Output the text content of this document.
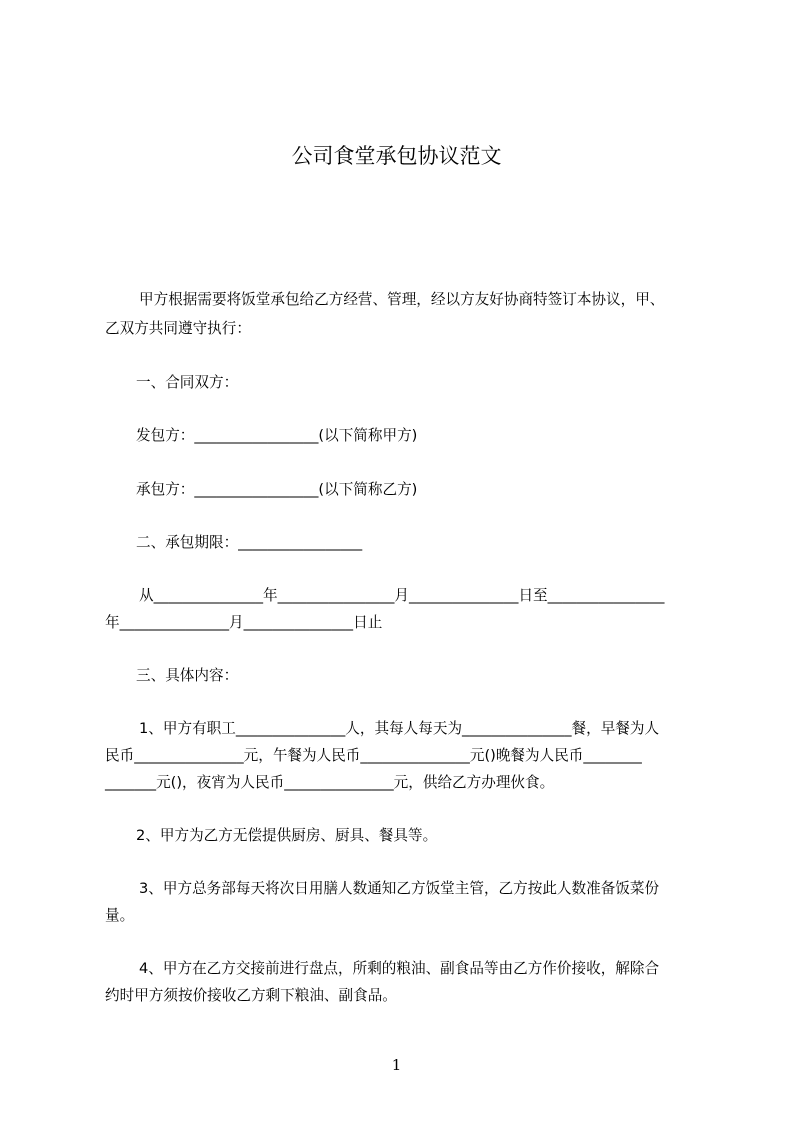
公司食堂承包协议范文
甲方根据需要将饭堂承包给乙方经营、管理，经以方友好协商特签订本协议，甲、
乙双方共同遵守执行：
一、合同双方：
发包方：_________________(以下简称甲方)
承包方：_________________(以下简称乙方)
二、承包期限：_________________
从_______________年________________月_______________日至________________
年_______________月_______________日止
三、具体内容：
1、甲方有职工_______________人，其每人每天为_______________餐，早餐为人
民币_______________元，午餐为人民币_______________元()晚餐为人民币________
_______元()，夜宵为人民币_______________元，供给乙方办理伙食。
2、甲方为乙方无偿提供厨房、厨具、餐具等。
3、甲方总务部每天将次日用膳人数通知乙方饭堂主管，乙方按此人数准备饭菜份
量。
4、甲方在乙方交接前进行盘点，所剩的粮油、副食品等由乙方作价接收，解除合
约时甲方须按价接收乙方剩下粮油、副食品。
1
